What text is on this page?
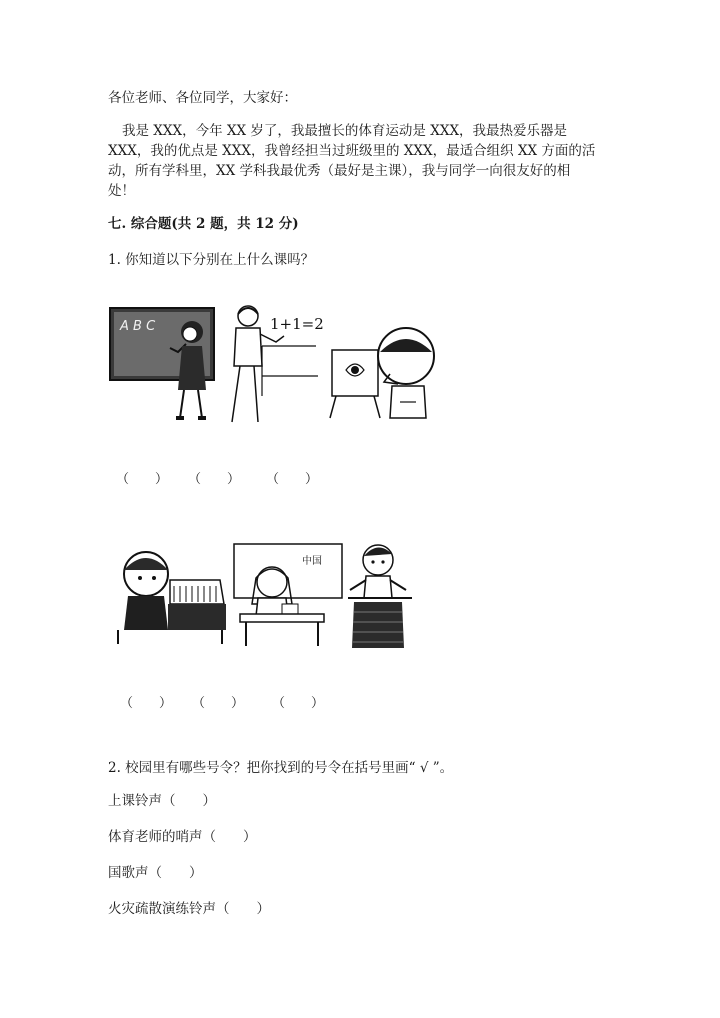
各位老师、各位同学，大家好：
我是 XXX，今年 XX 岁了，我最擅长的体育运动是 XXX，我最热爱乐器是
XXX，我的优点是 XXX，我曾经担当过班级里的 XXX，最适合组织 XX 方面的活
动，所有学科里，XX 学科我最优秀（最好是主课），我与同学一向很友好的相
处！
七. 综合题(共 2 题，共 12 分)
1. 你知道以下分别在上什么课吗？
A B C	1+1=2
（　　） （　　） （　　）
中国
（　　） （　　） （　　）
2. 校园里有哪些号令？把你找到的号令在括号里画“ √ ”。
上课铃声（　　）
体育老师的哨声（　　）
国歌声（　　）
火灾疏散演练铃声（　　）
